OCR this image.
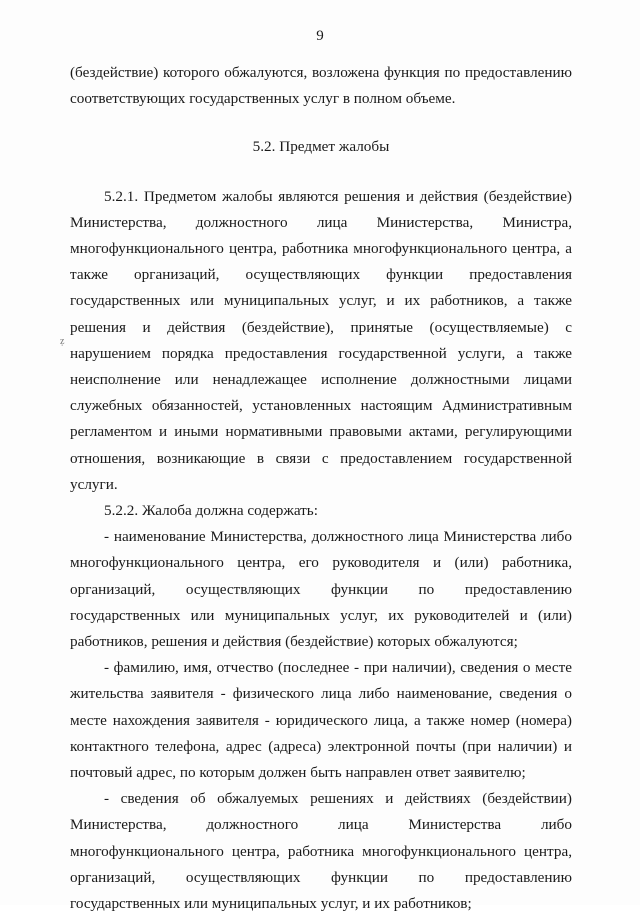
9

(бездействие) которого обжалуются, возложена функция по предоставлению соответствующих государственных услуг в полном объеме.

5.2. Предмет жалобы

5.2.1. Предметом жалобы являются решения и действия (бездействие) Министерства, должностного лица Министерства, Министра, многофункционального центра, работника многофункционального центра, а также организаций, осуществляющих функции предоставления государственных или муниципальных услуг, и их работников, а также решения и действия (бездействие), принятые (осуществляемые) с нарушением порядка предоставления государственной услуги, а также неисполнение или ненадлежащее исполнение должностными лицами служебных обязанностей, установленных настоящим Административным регламентом и иными нормативными правовыми актами, регулирующими отношения, возникающие в связи с предоставлением государственной услуги.

5.2.2. Жалоба должна содержать:

- наименование Министерства, должностного лица Министерства либо многофункционального центра, его руководителя и (или) работника, организаций, осуществляющих функции по предоставлению государственных или муниципальных услуг, их руководителей и (или) работников, решения и действия (бездействие) которых обжалуются;

- фамилию, имя, отчество (последнее - при наличии), сведения о месте жительства заявителя - физического лица либо наименование, сведения о месте нахождения заявителя - юридического лица, а также номер (номера) контактного телефона, адрес (адреса) электронной почты (при наличии) и почтовый адрес, по которым должен быть направлен ответ заявителю;

- сведения об обжалуемых решениях и действиях (бездействии) Министерства, должностного лица Министерства либо многофункционального центра, работника многофункционального центра, организаций, осуществляющих функции по предоставлению государственных или муниципальных услуг, и их работников;

ẓ
